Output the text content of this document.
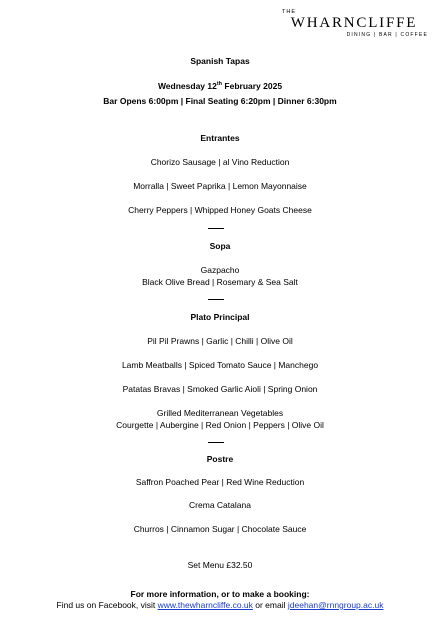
THE
WHARNCLIFFE
DINING | BAR | COFFEE
Spanish Tapas
Wednesday 12th February 2025
Bar Opens 6:00pm | Final Seating 6:20pm | Dinner 6:30pm
Entrantes
Chorizo Sausage | al Vino Reduction
Morralla | Sweet Paprika | Lemon Mayonnaise
Cherry Peppers | Whipped Honey Goats Cheese
Sopa
Gazpacho
Black Olive Bread | Rosemary & Sea Salt
Plato Principal
Pil Pil Prawns | Garlic | Chilli | Olive Oil
Lamb Meatballs | Spiced Tomato Sauce | Manchego
Patatas Bravas | Smoked Garlic Aioli | Spring Onion
Grilled Mediterranean Vegetables
Courgette | Aubergine | Red Onion | Peppers | Olive Oil
Postre
Saffron Poached Pear | Red Wine Reduction
Crema Catalana
Churros | Cinnamon Sugar | Chocolate Sauce
Set Menu £32.50
For more information, or to make a booking:
Find us on Facebook, visit www.thewharncliffe.co.uk or email jdeehan@rnngroup.ac.uk
